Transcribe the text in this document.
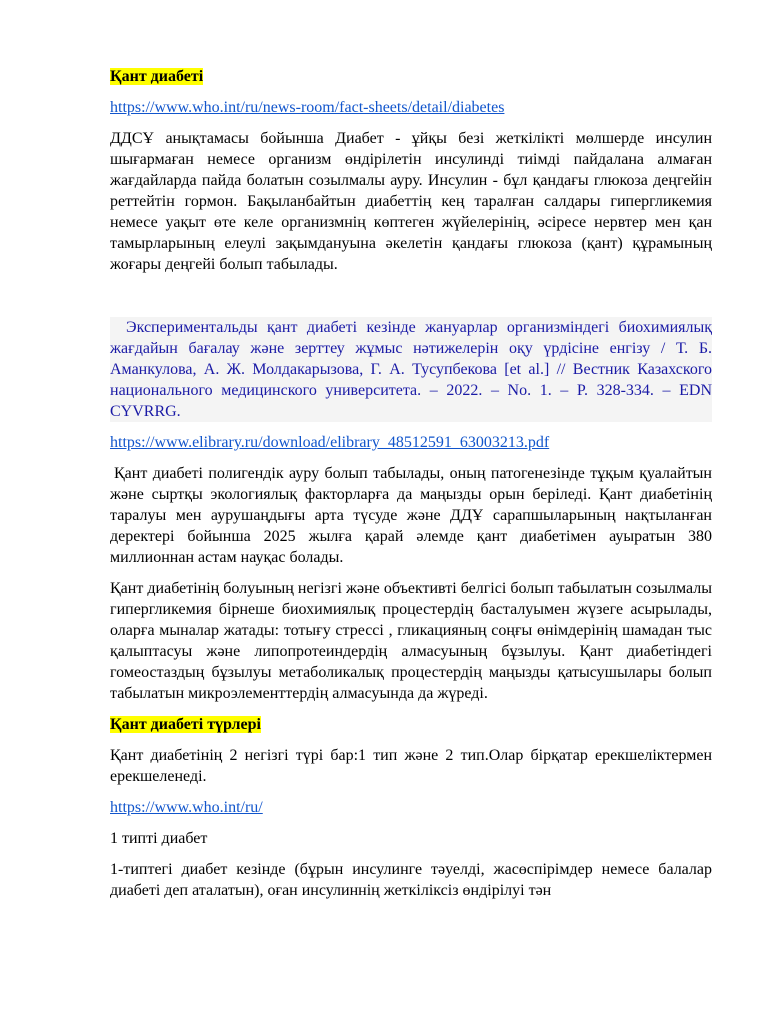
Қант диабеті

https://www.who.int/ru/news-room/fact-sheets/detail/diabetes

ДДСҰ анықтамасы бойынша Диабет - ұйқы безі жеткілікті мөлшерде инсулин шығармаған немесе организм өндірілетін инсулинді тиімді пайдалана алмаған жағдайларда пайда болатын созылмалы ауру. Инсулин - бұл қандағы глюкоза деңгейін реттейтін гормон. Бақыланбайтын диабеттің кең таралған салдары гипергликемия немесе уақыт өте келе организмнің көптеген жүйелерінің, әсіресе нервтер мен қан тамырларының елеулі зақымдануына әкелетін қандағы глюкоза (қант) құрамының жоғары деңгейі болып табылады.

Экспериментальды қант диабеті кезінде жануарлар организміндегі биохимиялық жағдайын бағалау және зерттеу жұмыс нәтижелерін оқу үрдісіне енгізу / Т. Б. Аманкулова, А. Ж. Молдакарызова, Г. А. Тусупбекова [et al.] // Вестник Казахского национального медицинского университета. – 2022. – No. 1. – P. 328-334. – EDN CYVRRG.

https://www.elibrary.ru/download/elibrary_48512591_63003213.pdf

Қант диабеті полигендік ауру болып табылады, оның патогенезінде тұқым қуалайтын және сыртқы экологиялық факторларға да маңызды орын беріледі. Қант диабетінің таралуы мен аурушаңдығы арта түсуде және ДДҰ сарапшыларының нақтыланған деректері бойынша 2025 жылға қарай әлемде қант диабетімен ауыратын 380 миллионнан астам науқас болады.

Қант диабетінің болуының негізгі және объективті белгісі болып табылатын созылмалы гипергликемия бірнеше биохимиялық процестердің басталуымен жүзеге асырылады, оларға мыналар жатады: тотығу стрессі , гликацияның соңғы өнімдерінің шамадан тыс қалыптасуы және липопротеиндердің алмасуының бұзылуы. Қант диабетіндегі гомеостаздың бұзылуы метаболикалық процестердің маңызды қатысушылары болып табылатын микроэлементтердің алмасуында да жүреді.

Қант диабеті түрлері

Қант диабетінің 2 негізгі түрі бар:1 тип және 2 тип.Олар бірқатар ерекшеліктермен ерекшеленеді.

https://www.who.int/ru/

1 типті диабет

1-типтегі диабет кезінде (бұрын инсулинге тәуелді, жасөспірімдер немесе балалар диабеті деп аталатын), оған инсулиннің жеткіліксіз өндірілуі тән
